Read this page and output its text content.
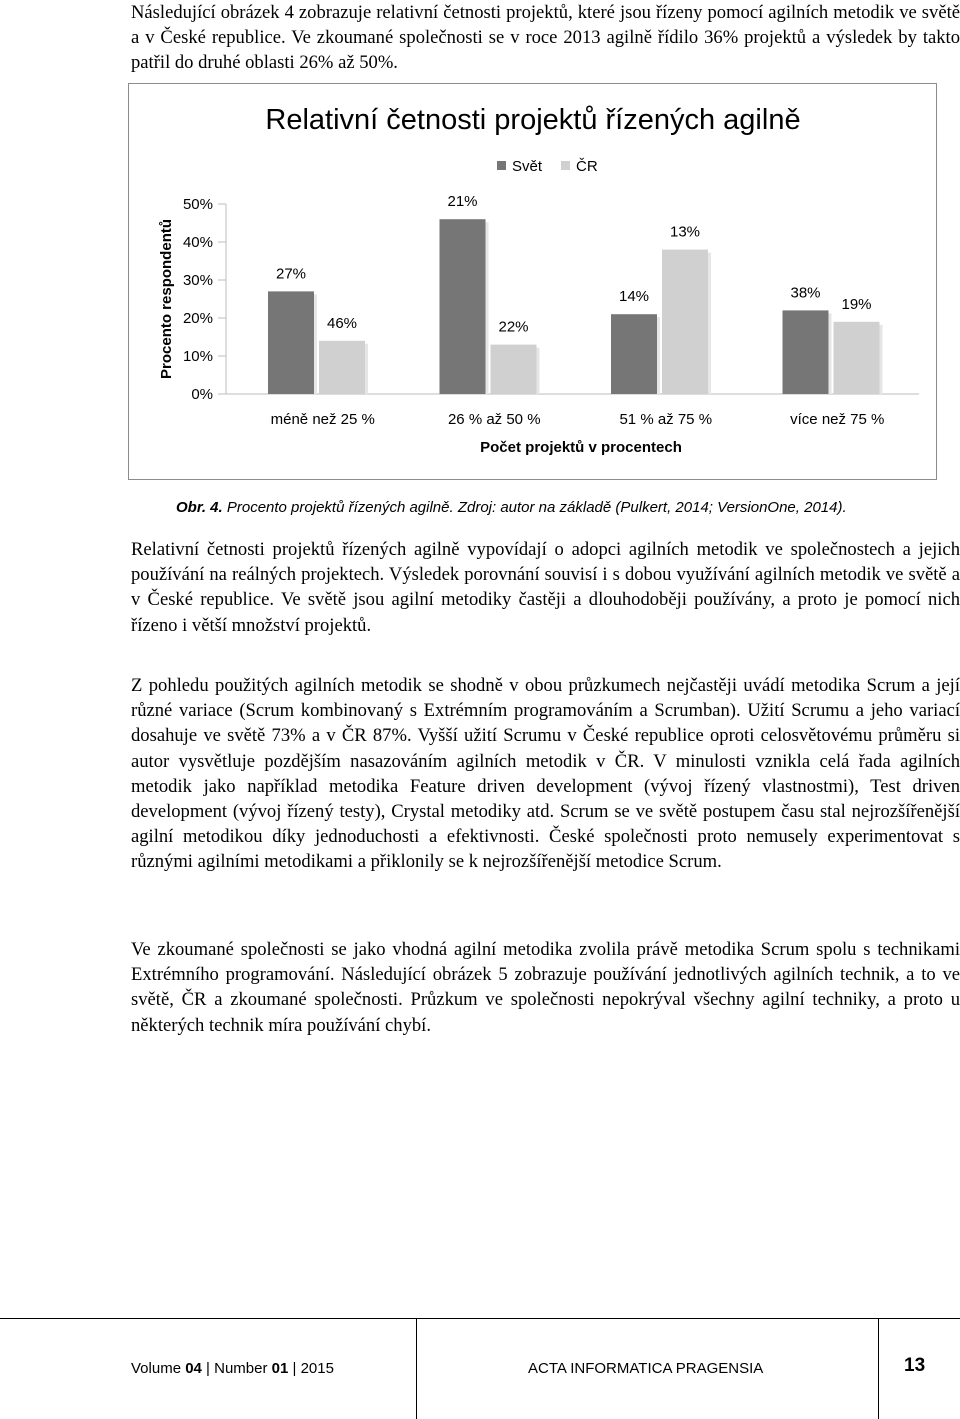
Následující obrázek 4 zobrazuje relativní četnosti projektů, které jsou řízeny pomocí agilních metodik ve světě a v České republice. Ve zkoumané společnosti se v roce 2013 agilně řídilo 36% projektů a výsledek by takto patřil do druhé oblasti 26% až 50%.

Relativní četnosti projektů řízených agilně
Svět ČR
0%
10%
20%
30%
40%
50%
Procento respondentů	27%
46%
méně než 25 %
21%
22%
26 % až 50 %
14%
13%
51 % až 75 %
38%
19%
více než 75 %
Počet projektů v procentech
Obr. 4. Procento projektů řízených agilně. Zdroj: autor na základě (Pulkert, 2014; VersionOne, 2014).

Relativní četnosti projektů řízených agilně vypovídají o adopci agilních metodik ve společnostech a jejich používání na reálných projektech. Výsledek porovnání souvisí i s dobou využívání agilních metodik ve světě a v České republice. Ve světě jsou agilní metodiky častěji a dlouhodoběji používány, a proto je pomocí nich řízeno i větší množství projektů.

Z pohledu použitých agilních metodik se shodně v obou průzkumech nejčastěji uvádí metodika Scrum a její různé variace (Scrum kombinovaný s Extrémním programováním a Scrumban). Užití Scrumu a jeho variací dosahuje ve světě 73% a v ČR 87%. Vyšší užití Scrumu v České republice oproti celosvětovému průměru si autor vysvětluje pozdějším nasazováním agilních metodik v ČR. V minulosti vznikla celá řada agilních metodik jako například metodika Feature driven development (vývoj řízený vlastnostmi), Test driven development (vývoj řízený testy), Crystal metodiky atd. Scrum se ve světě postupem času stal nejrozšířenější agilní metodikou díky jednoduchosti a efektivnosti. České společnosti proto nemusely experimentovat s různými agilními metodikami a přiklonily se k nejrozšířenější metodice Scrum.

Ve zkoumané společnosti se jako vhodná agilní metodika zvolila právě metodika Scrum spolu s technikami Extrémního programování. Následující obrázek 5 zobrazuje používání jednotlivých agilních technik, a to ve světě, ČR a zkoumané společnosti. Průzkum ve společnosti nepokrýval všechny agilní techniky, a proto u některých technik míra používání chybí.

Volume 04 | Number 01 | 2015	ACTA INFORMATICA PRAGENSIA	13
